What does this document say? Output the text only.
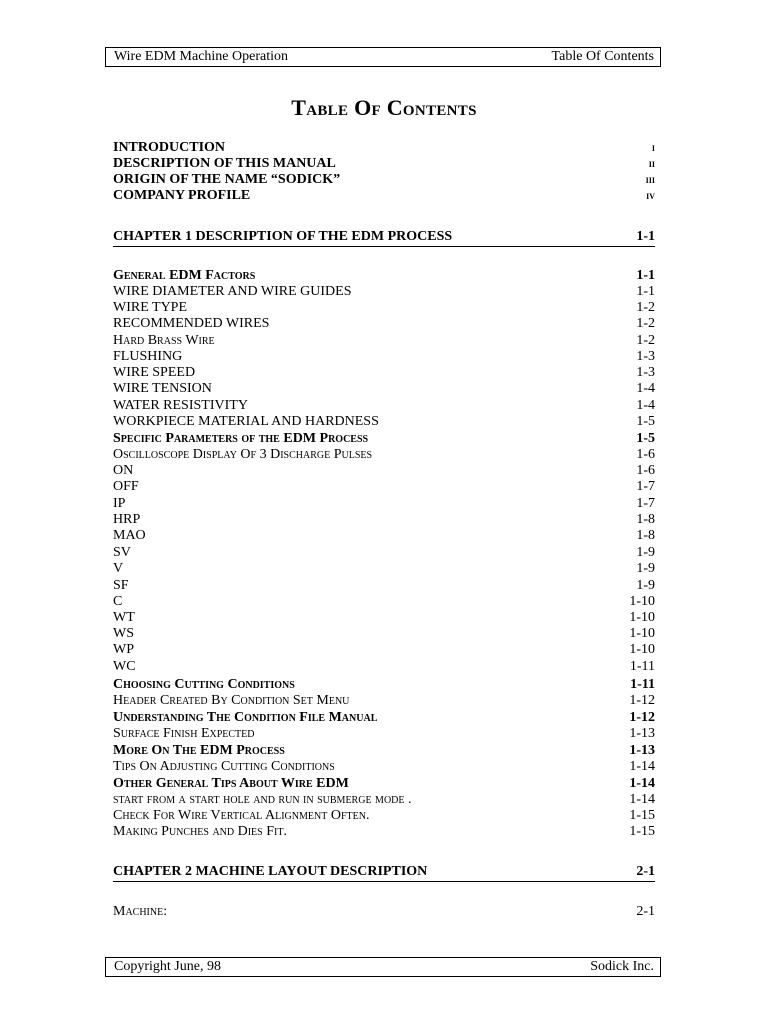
Wire EDM Machine Operation	Table Of Contents
Table Of Contents
INTRODUCTION	i
DESCRIPTION OF THIS MANUAL	ii
ORIGIN OF THE NAME “SODICK”	iii
COMPANY PROFILE	iv
CHAPTER 1 DESCRIPTION OF THE EDM PROCESS	1-1
General EDM Factors	1-1
WIRE DIAMETER AND WIRE GUIDES	1-1
WIRE TYPE	1-2
RECOMMENDED WIRES	1-2
Hard Brass Wire	1-2
FLUSHING	1-3
WIRE SPEED	1-3
WIRE TENSION	1-4
WATER RESISTIVITY	1-4
WORKPIECE MATERIAL AND HARDNESS	1-5
Specific Parameters of the EDM Process	1-5
Oscilloscope Display Of 3 Discharge Pulses	1-6
ON	1-6
OFF	1-7
IP	1-7
HRP	1-8
MAO	1-8
SV	1-9
V	1-9
SF	1-9
C	1-10
WT	1-10
WS	1-10
WP	1-10
WC	1-11
Choosing Cutting Conditions	1-11
Header Created By Condition Set Menu	1-12
Understanding The Condition File Manual	1-12
Surface Finish Expected	1-13
More On The EDM Process	1-13
Tips On Adjusting Cutting Conditions	1-14
Other General Tips About Wire EDM	1-14
start from a start hole and run in submerge mode .	1-14
Check For Wire Vertical Alignment Often.	1-15
Making Punches and Dies Fit.	1-15
CHAPTER 2 MACHINE LAYOUT DESCRIPTION	2-1
Machine:	2-1
Copyright June, 98	Sodick Inc.
